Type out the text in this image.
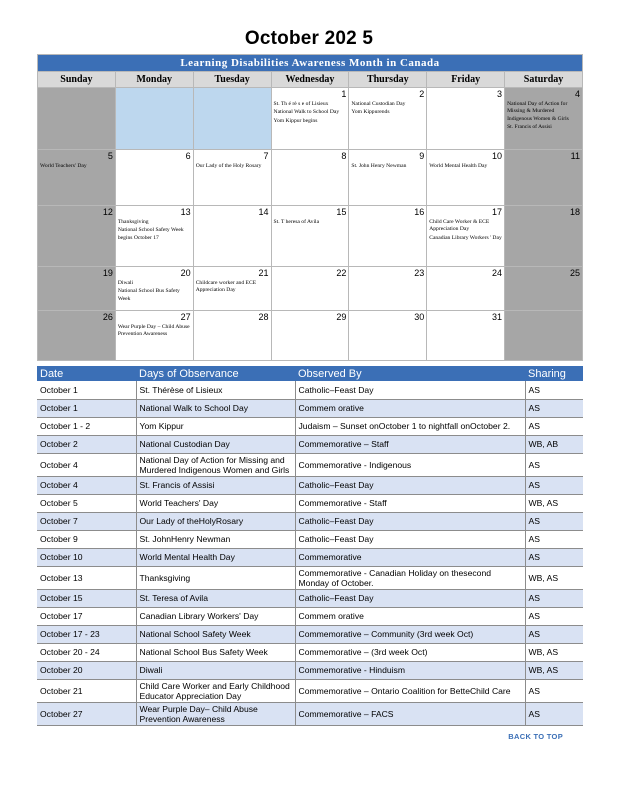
October 202 5
Learning Disabilities Awareness Month in Canada						
Sunday	Monday	Tuesday	Wednesday	Thursday	Friday	Saturday

			1
St. Th é rè s e of Lisieux
National Walk to School Day
Yom Kippur begins	2
National Custodian Day
Yom Kippurends	3	4
National Day of Action for Missing & Murdered Indigenous Women & Girls
St. Francis of Assisi

5
World Teachers' Day	6	7
Our Lady of the Holy Rosary	8	9
St. John Henry Newman	10
World Mental Health Day	11

12	13
Thanksgiving
National School Safety Week begins October 17	14	15
St. T heresa of Avila	16	17
Child Care Worker & ECE Appreciation Day
Canadian Library Workers ' Day	18

19	20
Diwali
National School Bus Safety Week	21
Childcare worker and ECE Appreciation Day	22	23	24	25

26	27
Wear Purple Day – Child Abuse Prevention Awareness	28	29	30	31	

Date	Days of Observance	Observed By	Sharing
October 1	St. Thérèse of Lisieux	Catholic–Feast Day	AS
October 1	National Walk to School Day	Commem orative	AS
October 1 - 2	Yom Kippur	Judaism – Sunset onOctober 1 to nightfall onOctober 2.	AS
October 2	National Custodian Day	Commemorative – Staff	WB, AB
October 4	National Day of Action for Missing and Murdered Indigenous Women and Girls	Commemorative - Indigenous	AS
October 4	St. Francis of Assisi	Catholic–Feast Day	AS
October 5	World Teachers' Day	Commemorative - Staff	WB, AS
October 7	Our Lady of theHolyRosary	Catholic–Feast Day	AS
October 9	St. JohnHenry Newman	Catholic–Feast Day	AS
October 10	World Mental Health Day	Commemorative	AS
October 13	Thanksgiving	Commemorative - Canadian Holiday on thesecond Monday of October.	WB, AS
October 15	St. Teresa of Avila	Catholic–Feast Day	AS
October 17	Canadian Library Workers' Day	Commem orative	AS
October 17 - 23	National School Safety Week	Commemorative – Community (3rd week Oct)	AS
October 20 - 24	National School Bus Safety Week	Commemorative – (3rd week Oct)	WB, AS
October 20	Diwali	Commemorative - Hinduism	WB, AS
October 21	Child Care Worker and Early Childhood Educator Appreciation Day	Commemorative – Ontario Coalition for BetteChild Care	AS
October 27	Wear Purple Day– Child Abuse Prevention Awareness	Commemorative – FACS	AS
BACK TO TOP
